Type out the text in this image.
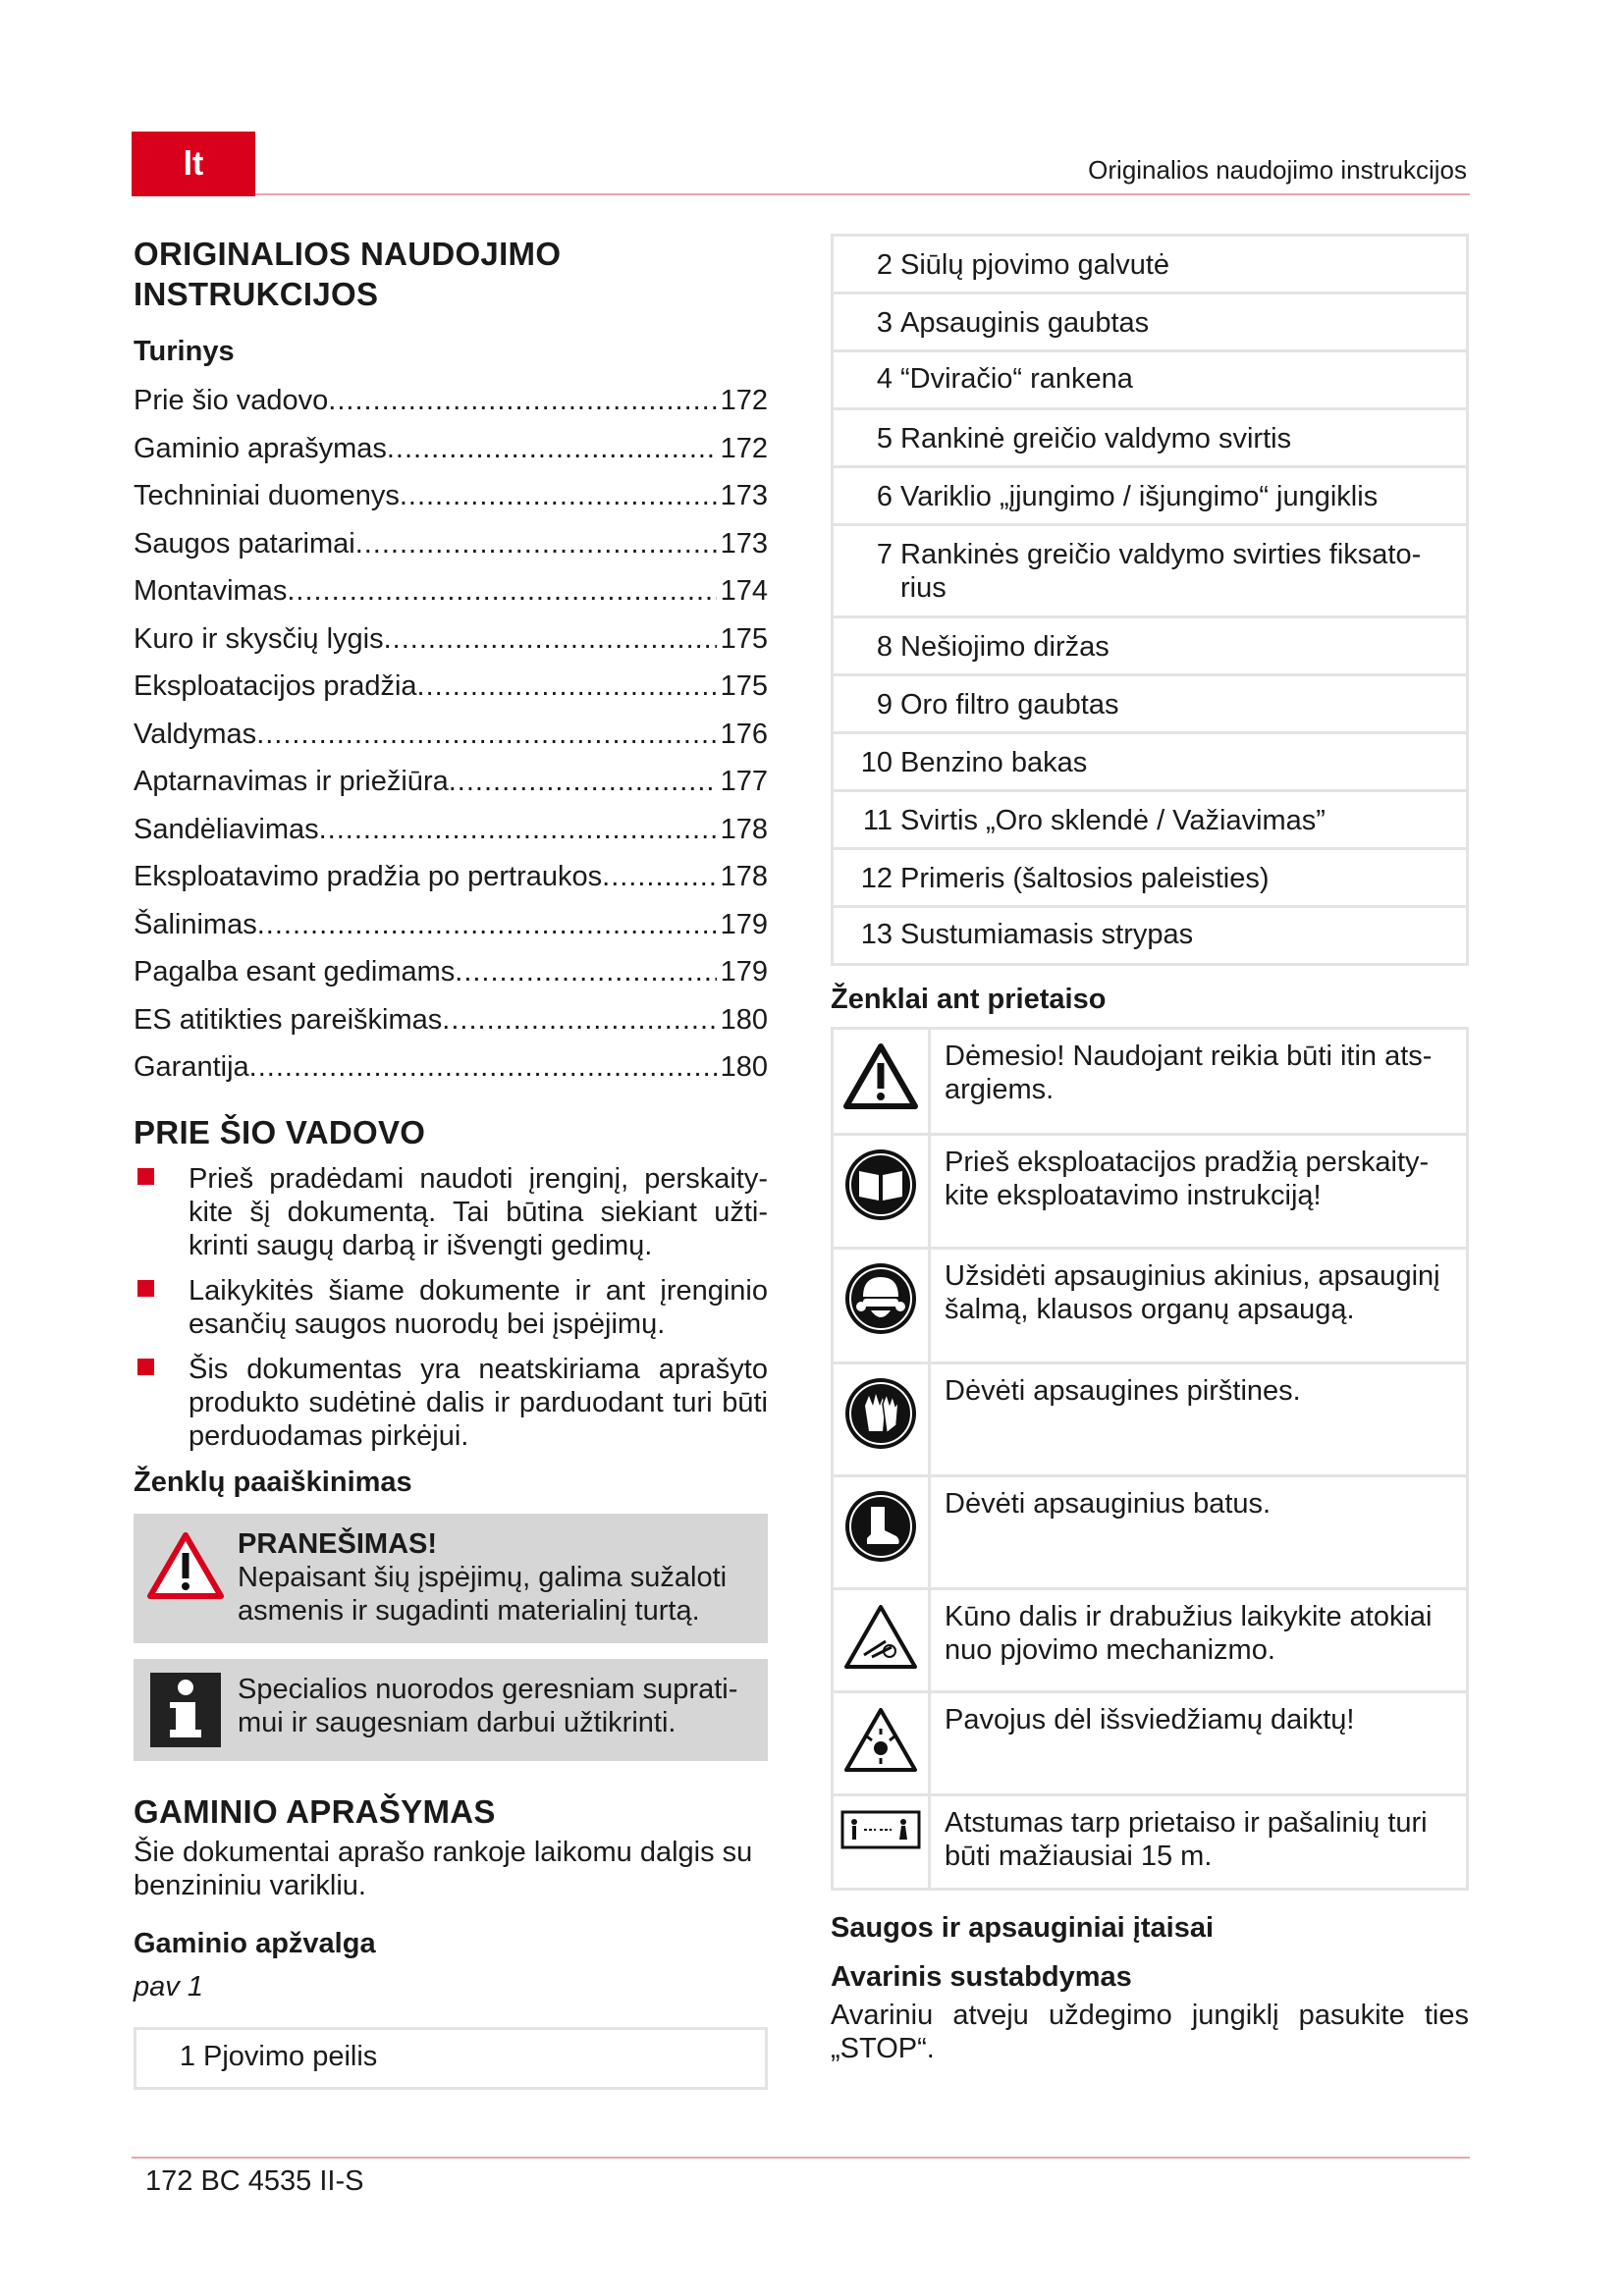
lt	Originalios naudojimo instrukcijos
ORIGINALIOS NAUDOJIMO
INSTRUKCIJOS
Turinys
Prie šio vadovo .....	172
Gaminio aprašymas .....	172
Techniniai duomenys .....	173
Saugos patarimai .....	173
Montavimas .....	174
Kuro ir skysčių lygis .....	175
Eksploatacijos pradžia .....	175
Valdymas .....	176
Aptarnavimas ir priežiūra .....	177
Sandėliavimas .....	178
Eksploatavimo pradžia po pertraukos .....	178
Šalinimas .....	179
Pagalba esant gedimams .....	179
ES atitikties pareiškimas .....	180
Garantija .....	180
PRIE ŠIO VADOVO
Prieš pradėdami naudoti įrenginį, perskaity-kite šį dokumentą. Tai būtina siekiant užti-krinti saugų darbą ir išvengti gedimų.
Laikykitės šiame dokumente ir ant įrenginio esančių saugos nuorodų bei įspėjimų.
Šis dokumentas yra neatskiriama aprašyto produkto sudėtinė dalis ir parduodant turi būti perduodamas pirkėjui.
Ženklų paaiškinimas
PRANEŠIMAS!
Nepaisant šių įspėjimų, galima sužaloti asmenis ir sugadinti materialinį turtą.
Specialios nuorodos geresniam suprati-mui ir saugesniam darbui užtikrinti.
GAMINIO APRAŠYMAS

Šie dokumentai aprašo rankoje laikomu dalgis su benzininiu varikliu.

Gaminio apžvalga
pav 1
1 Pjovimo peilis
2 Siūlų pjovimo galvutė
3 Apsauginis gaubtas
4 “Dviračio“ rankena
5 Rankinė greičio valdymo svirtis
6 Variklio „įjungimo / išjungimo“ jungiklis
7 Rankinės greičio valdymo svirties fiksato-rius
8 Nešiojimo diržas
9 Oro filtro gaubtas
10 Benzino bakas
11 Svirtis „Oro sklendė / Važiavimas”
12 Primeris (šaltosios paleisties)
13 Sustumiamasis strypas
Ženklai ant prietaiso
Dėmesio! Naudojant reikia būti itin ats-argiems.
Prieš eksploatacijos pradžią perskaity-kite eksploatavimo instrukciją!
Užsidėti apsauginius akinius, apsauginį šalmą, klausos organų apsaugą.
Dėvėti apsaugines pirštines.
Dėvėti apsauginius batus.
Kūno dalis ir drabužius laikykite atokiai nuo pjovimo mechanizmo.
Pavojus dėl išsviedžiamų daiktų!
Atstumas tarp prietaiso ir pašalinių turi būti mažiausiai 15 m.
Saugos ir apsauginiai įtaisai
Avarinis sustabdymas

Avariniu atveju uždegimo jungiklį pasukite ties „STOP“.

172 BC 4535 II-S
